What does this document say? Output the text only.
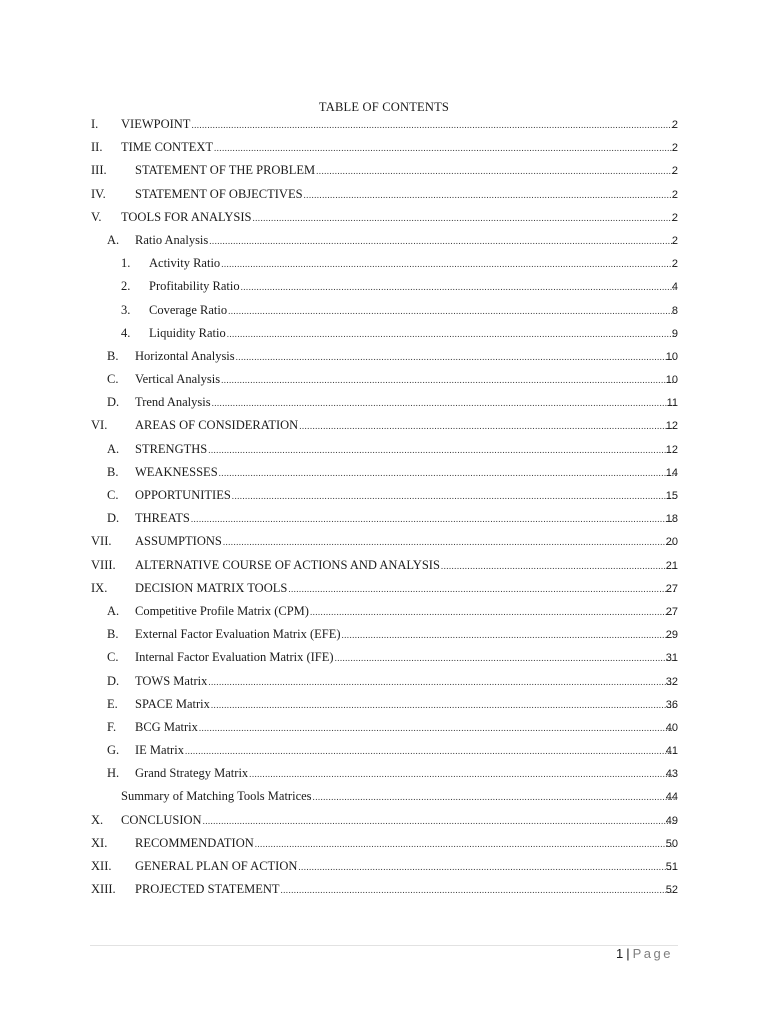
TABLE OF CONTENTS
I. VIEWPOINT .....	2
II. TIME CONTEXT .....	2
III. STATEMENT OF THE PROBLEM .....	2
IV. STATEMENT OF OBJECTIVES .....	2
V. TOOLS FOR ANALYSIS .....	2
A. Ratio Analysis .....	2
1. Activity Ratio .....	2
2. Profitability Ratio .....	4
3. Coverage Ratio .....	8
4. Liquidity Ratio .....	9
B. Horizontal Analysis .....	10
C. Vertical Analysis .....	10
D. Trend Analysis .....	11
VI. AREAS OF CONSIDERATION .....	12
A. STRENGTHS .....	12
B. WEAKNESSES .....	14
C. OPPORTUNITIES .....	15
D. THREATS .....	18
VII. ASSUMPTIONS .....	20
VIII. ALTERNATIVE COURSE OF ACTIONS AND ANALYSIS .....	21
IX. DECISION MATRIX TOOLS .....	27
A. Competitive Profile Matrix (CPM) .....	27
B. External Factor Evaluation Matrix (EFE) .....	29
C. Internal Factor Evaluation Matrix (IFE) .....	31
D. TOWS Matrix .....	32
E. SPACE Matrix .....	36
F. BCG Matrix .....	40
G. IE Matrix .....	41
H. Grand Strategy Matrix .....	43
Summary of Matching Tools Matrices .....	44
X. CONCLUSION .....	49
XI. RECOMMENDATION .....	50
XII. GENERAL PLAN OF ACTION .....	51
XIII. PROJECTED STATEMENT .....	52
1 | Page
